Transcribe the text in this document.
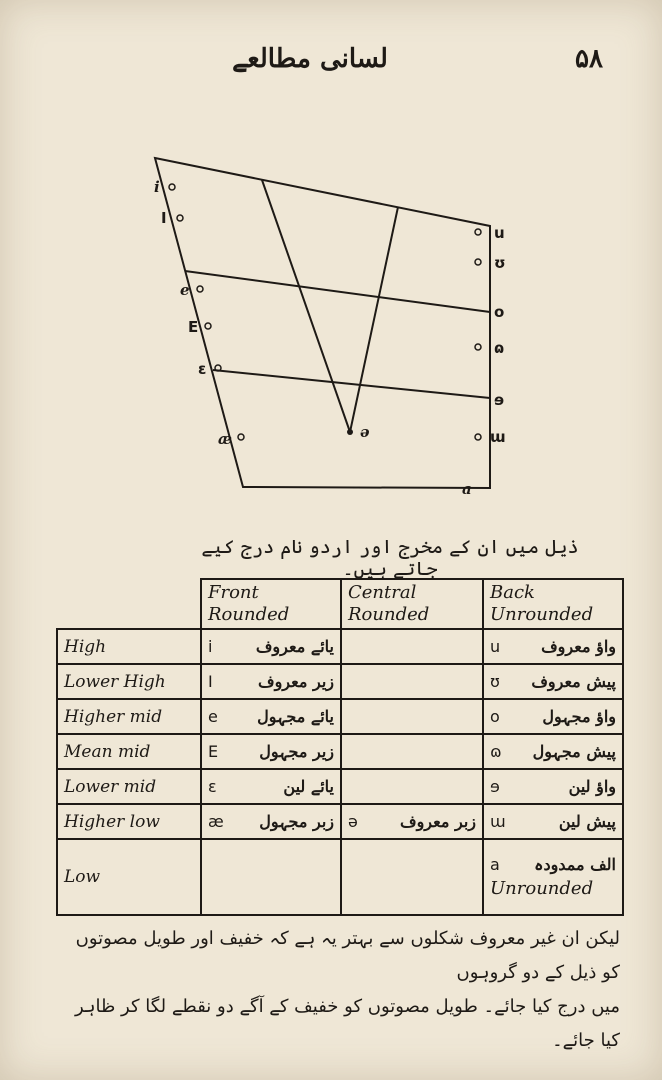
لسانی مطالعے	۵۸
i
I
e
E
ɛ
æ
u
ʊ
o
ɷ
ɘ
ɯ
a
ə
ذیل میں ان کے مخرج اور اردو نام درج کیے جاتے ہیں۔
	Front Rounded	Central Rounded	Back Unrounded
High	i یائے معروف		u واؤ معروف

Lower High	I زیر معروف		ʊ پیش معروف

Higher mid	e یائے مجہول		o واؤ مجہول

Mean mid	E زیر مجہول		ɷ پیش مجہول

Lower mid	ɛ یائے لین		ɘ واؤ لین

Higher low	æ زبر مجہول	ə زبر معروف	ɯ پیش لین

Low			a الف ممدودہ
Unrounded
لیکن ان غیر معروف شکلوں سے بہتر یہ ہے کہ خفیف اور طویل مصوتوں کو ذیل کے دو گروہوں
میں درج کیا جائے۔ طویل مصوتوں کو خفیف کے آگے دو نقطے لگا کر ظاہر کیا جائے۔
